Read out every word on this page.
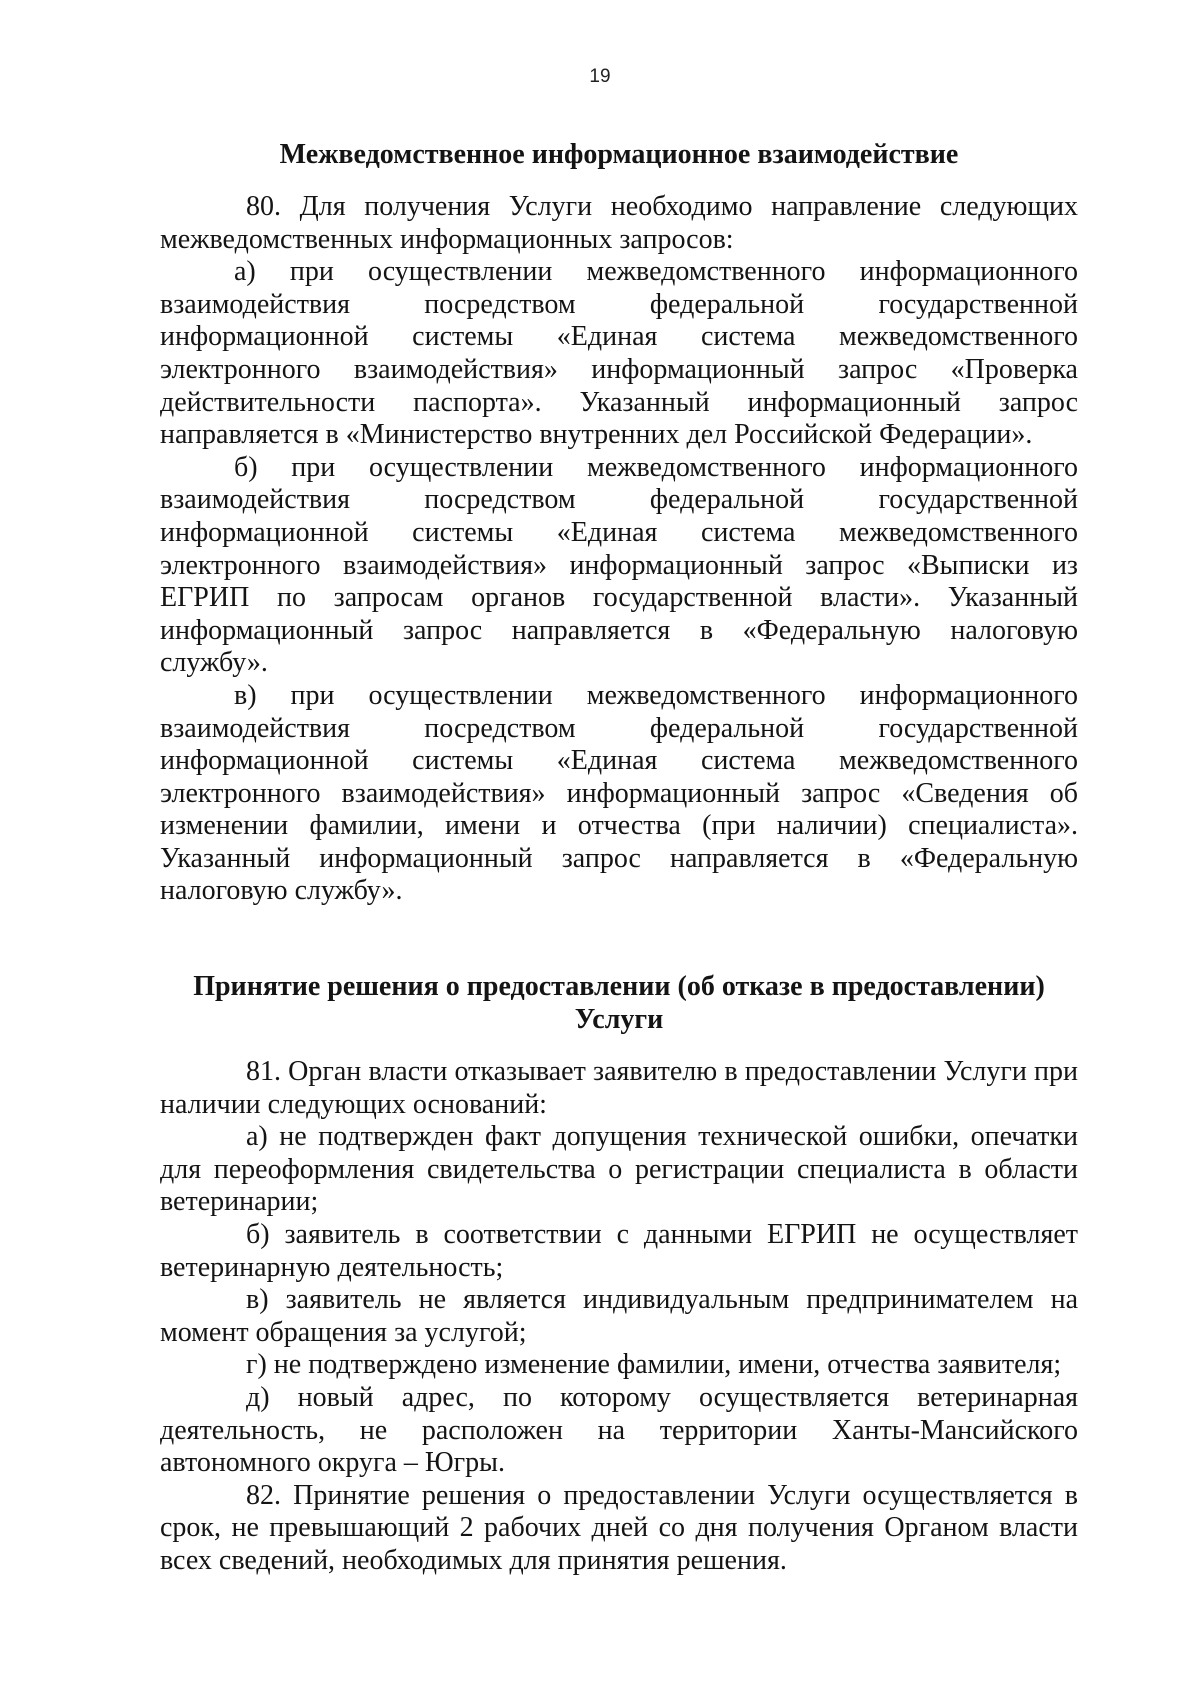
19
Межведомственное информационное взаимодействие

80. Для получения Услуги необходимо направление следующих межведомственных информационных запросов:

а) при осуществлении межведомственного информационного взаимодействия посредством федеральной государственной информационной системы «Единая система межведомственного электронного взаимодействия» информационный запрос «Проверка действительности паспорта». Указанный информационный запрос направляется в «Министерство внутренних дел Российской Федерации».

б) при осуществлении межведомственного информационного взаимодействия посредством федеральной государственной информационной системы «Единая система межведомственного электронного взаимодействия» информационный запрос «Выписки из ЕГРИП по запросам органов государственной власти». Указанный информационный запрос направляется в «Федеральную налоговую службу».

в) при осуществлении межведомственного информационного взаимодействия посредством федеральной государственной информационной системы «Единая система межведомственного электронного взаимодействия» информационный запрос «Сведения об изменении фамилии, имени и отчества (при наличии) специалиста». Указанный информационный запрос направляется в «Федеральную налоговую службу».

Принятие решения о предоставлении (об отказе в предоставлении)
Услуги

81. Орган власти отказывает заявителю в предоставлении Услуги при наличии следующих оснований:

а) не подтвержден факт допущения технической ошибки, опечатки для переоформления свидетельства о регистрации специалиста в области ветеринарии;

б) заявитель в соответствии с данными ЕГРИП не осуществляет ветеринарную деятельность;

в) заявитель не является индивидуальным предпринимателем на момент обращения за услугой;

г) не подтверждено изменение фамилии, имени, отчества заявителя;

д) новый адрес, по которому осуществляется ветеринарная деятельность, не расположен на территории Ханты-Мансийского автономного округа – Югры.

82. Принятие решения о предоставлении Услуги осуществляется в срок, не превышающий 2 рабочих дней со дня получения Органом власти всех сведений, необходимых для принятия решения.
